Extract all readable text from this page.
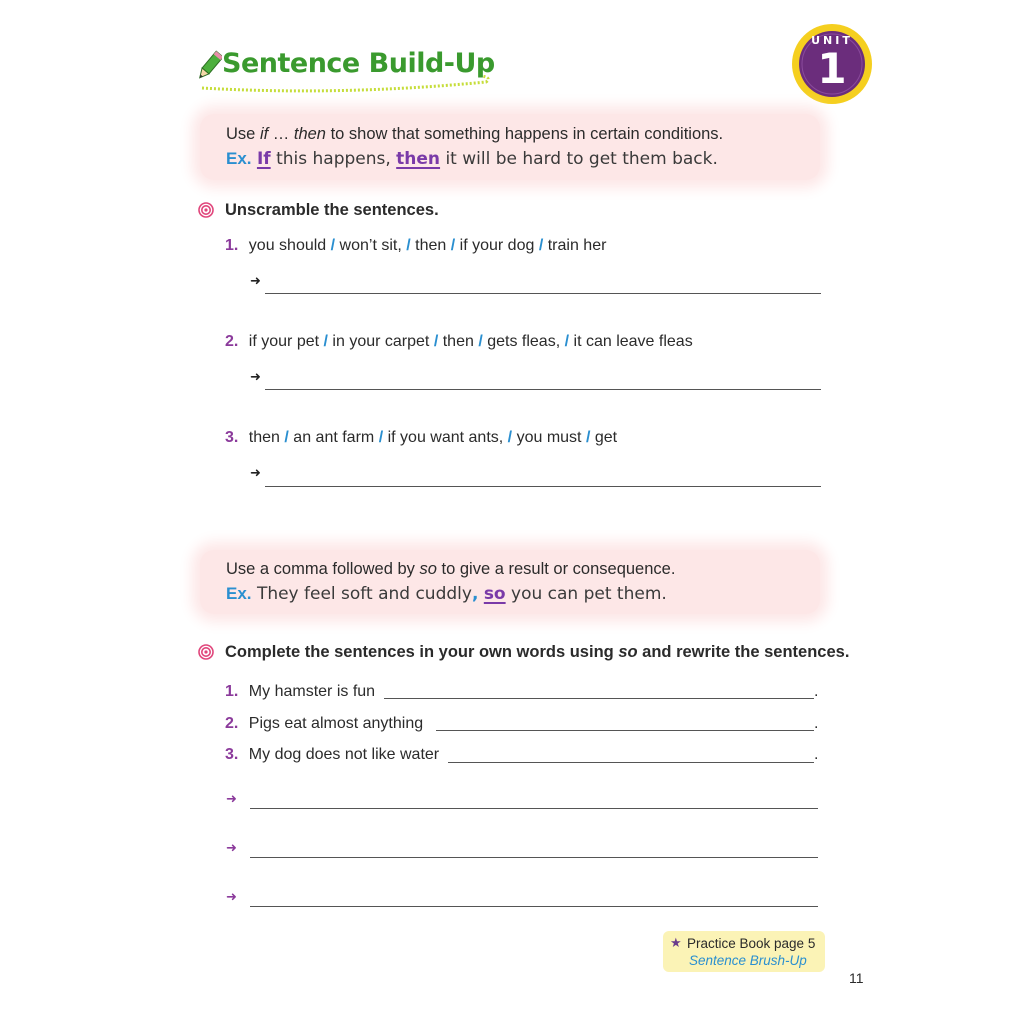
Sentence Build-Up
UNIT
1
Use if … then to show that something happens in certain conditions.
Ex. If this happens, then it will be hard to get them back.
Unscramble the sentences.
1. you should / won’t sit, / then / if your dog / train her
➜
2. if your pet / in your carpet / then / gets fleas, / it can leave fleas
➜
3. then / an ant farm / if you want ants, / you must / get
➜
Use a comma followed by so to give a result or consequence.
Ex. They feel soft and cuddly, so you can pet them.
Complete the sentences in your own words using so and rewrite the sentences.
1. My hamster is fun	.
2. Pigs eat almost anything	.
3. My dog does not like water	.
➜
➜
➜
★ Practice Book page 5
Sentence Brush-Up
11
